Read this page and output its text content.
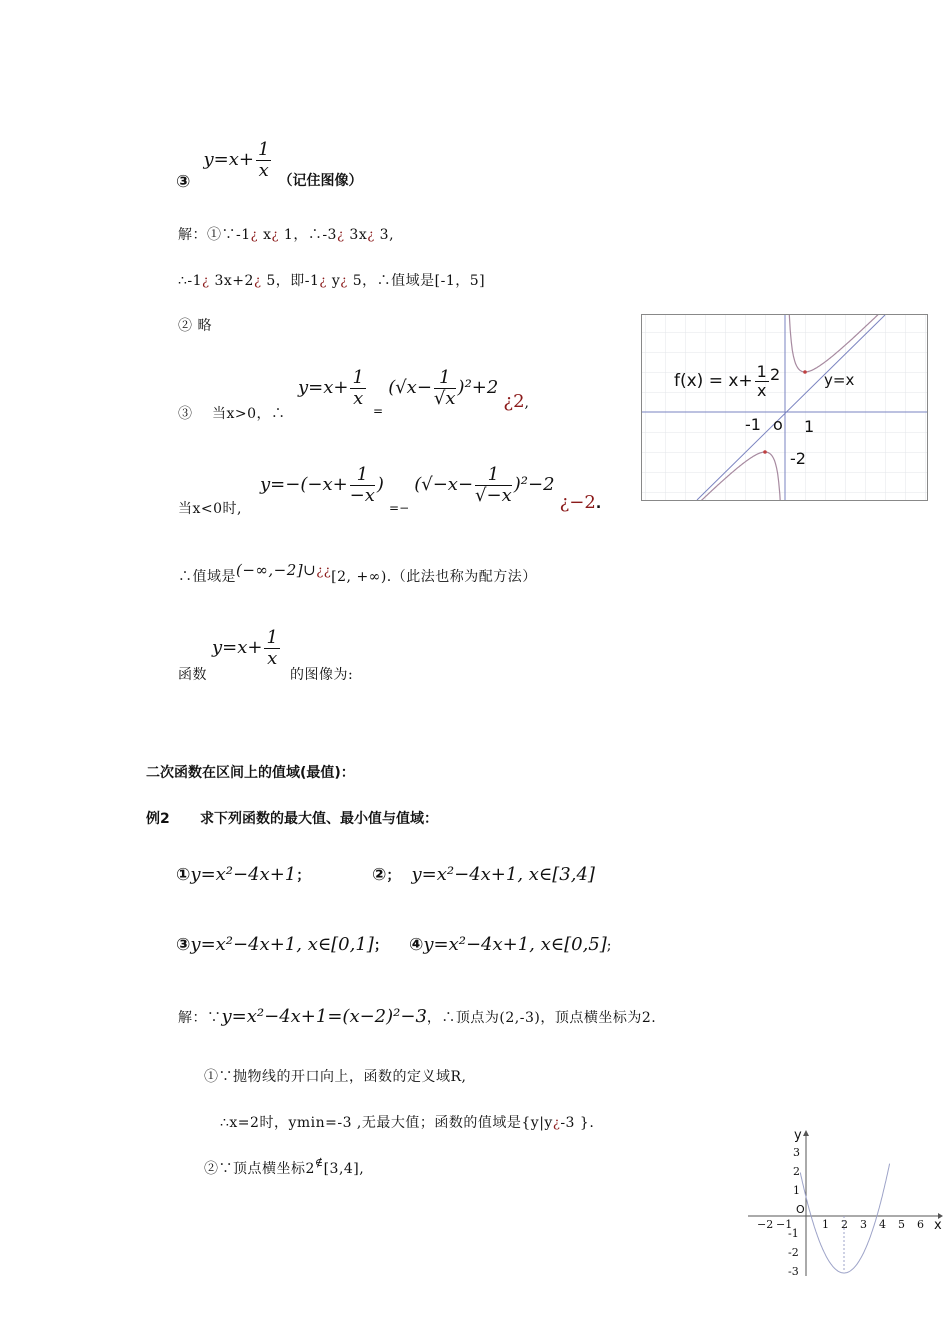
③ $y=x+ \frac{1}{x}$
（记住图像）
解：①∵-1¿ x¿ 1，∴-3¿ 3x¿ 3,
∴-1¿ 3x+2¿ 5，即-1¿ y¿ 5，∴值域是[-1，5]
② 略
③　 当x>0，∴
$y=x+ \frac{1}{x}$
$_=$ $(√x- \frac{1}{√x} )^2+2$ ¿2,
当x<0时,
$y=-(-x+ \frac{1}{-x}$ ) $_{=-}$ $(√-x- \frac{1}{√-x} )^2-2$ ¿−2.
∴值域是(−∞,−2]∪¿¿[2, +∞).（此法也称为配方法）
函数
$y=x+ \frac{1}{x}$
的图像为:
$f(x) = x+ \frac{1}{x}$	y=x
2
-1 o 1
-2
二次函数在区间上的值域(最值)：
例2 求下列函数的最大值、最小值与值域：
①y=x²−4x+1；	②； y=x²−4x+1, x∈[3,4]
③y=x²−4x+1, x∈[0,1]； ④y=x²−4x+1, x∈[0,5];
解：∵y=x²−4x+1=(x−2)²−3，∴顶点为(2,-3)，顶点横坐标为2.
①∵抛物线的开口向上，函数的定义域R,
∴x=2时，ymin=-3 ,无最大值；函数的值域是{y|y¿-3 }.
②∵顶点横坐标2∉[3,4],
y
x
O
3
2
1
-1
-2
-3
−2 −1	1 2 3 4 5 6
